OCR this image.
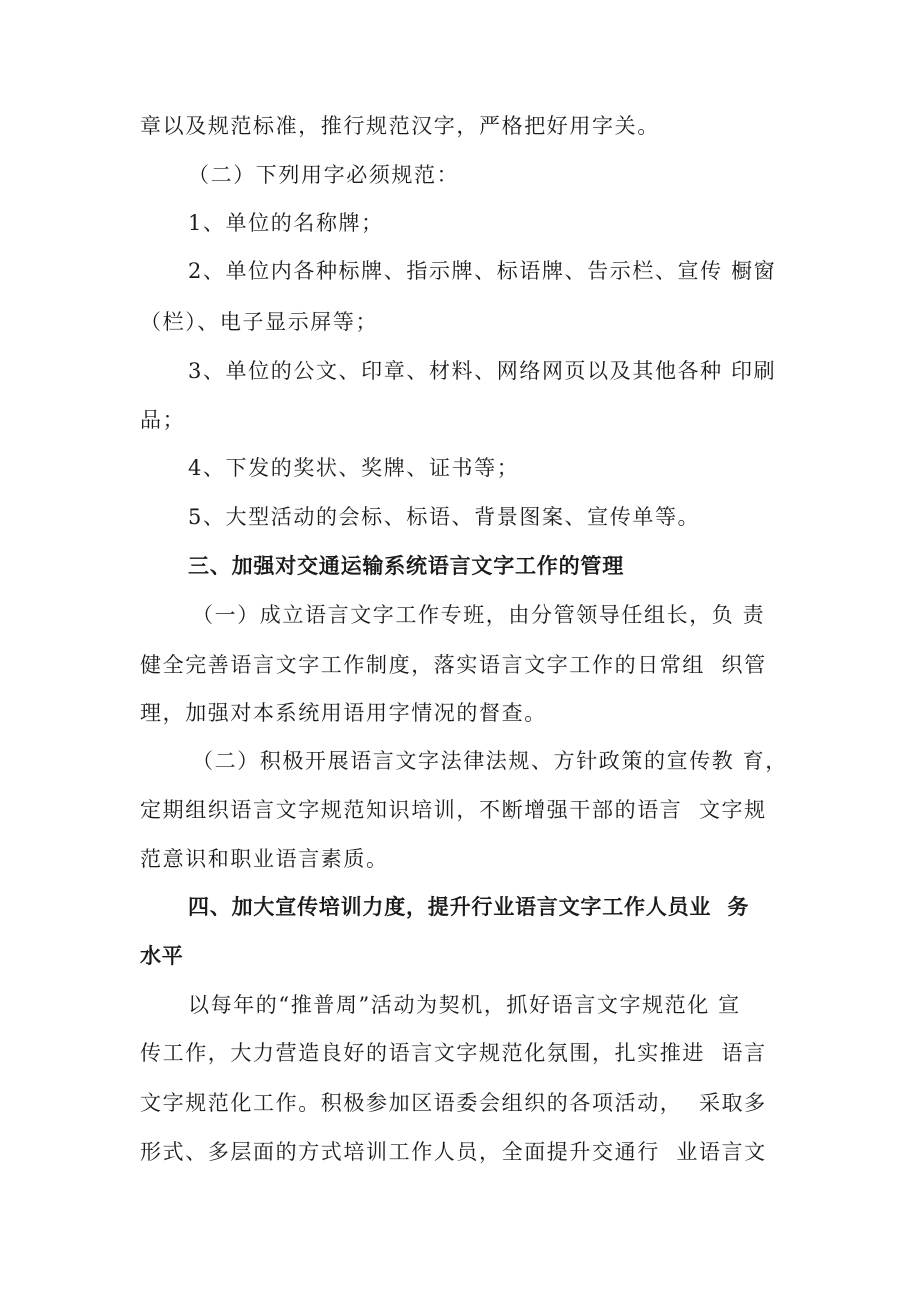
章以及规范标准，推行规范汉字，严格把好用字关。
（二）下列用字必须规范：
1、单位的名称牌；
2、单位内各种标牌、指示牌、标语牌、告示栏、宣传 橱窗
（栏）、电子显示屏等；
3、单位的公文、印章、材料、网络网页以及其他各种 印刷
品；
4、下发的奖状、奖牌、证书等；
5、大型活动的会标、标语、背景图案、宣传单等。
三、加强对交通运输系统语言文字工作的管理
（一）成立语言文字工作专班，由分管领导任组长，负 责
健全完善语言文字工作制度，落实语言文字工作的日常组  织管
理，加强对本系统用语用字情况的督查。
（二）积极开展语言文字法律法规、方针政策的宣传教 育，
定期组织语言文字规范知识培训，不断增强干部的语言  文字规
范意识和职业语言素质。
四、加大宣传培训力度，提升行业语言文字工作人员业  务
水平
以每年的“推普周”活动为契机，抓好语言文字规范化 宣
传工作，大力营造良好的语言文字规范化氛围，扎实推进  语言
文字规范化工作。积极参加区语委会组织的各项活动，  采取多
形式、多层面的方式培训工作人员，全面提升交通行  业语言文
